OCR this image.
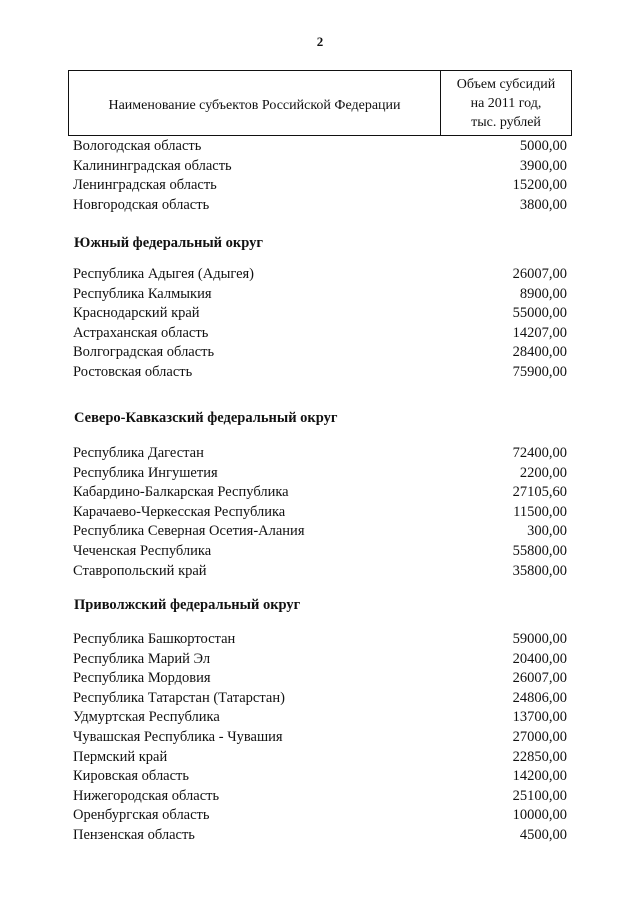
2
Наименование субъектов Российской Федерации
Объем субсидий
на 2011 год,
тыс. рублей
Вологодская область	5000,00
Калининградская область	3900,00
Ленинградская область	15200,00
Новгородская область	3800,00
Южный федеральный округ
Республика Адыгея (Адыгея)	26007,00
Республика Калмыкия	8900,00
Краснодарский край	55000,00
Астраханская область	14207,00
Волгоградская область	28400,00
Ростовская область	75900,00
Северо-Кавказский федеральный округ
Республика Дагестан	72400,00
Республика Ингушетия	2200,00
Кабардино-Балкарская Республика	27105,60
Карачаево-Черкесская Республика	11500,00
Республика Северная Осетия-Алания	300,00
Чеченская Республика	55800,00
Ставропольский край	35800,00
Приволжский федеральный округ
Республика Башкортостан	59000,00
Республика Марий Эл	20400,00
Республика Мордовия	26007,00
Республика Татарстан (Татарстан)	24806,00
Удмуртская Республика	13700,00
Чувашская Республика - Чувашия	27000,00
Пермский край	22850,00
Кировская область	14200,00
Нижегородская область	25100,00
Оренбургская область	10000,00
Пензенская область	4500,00
